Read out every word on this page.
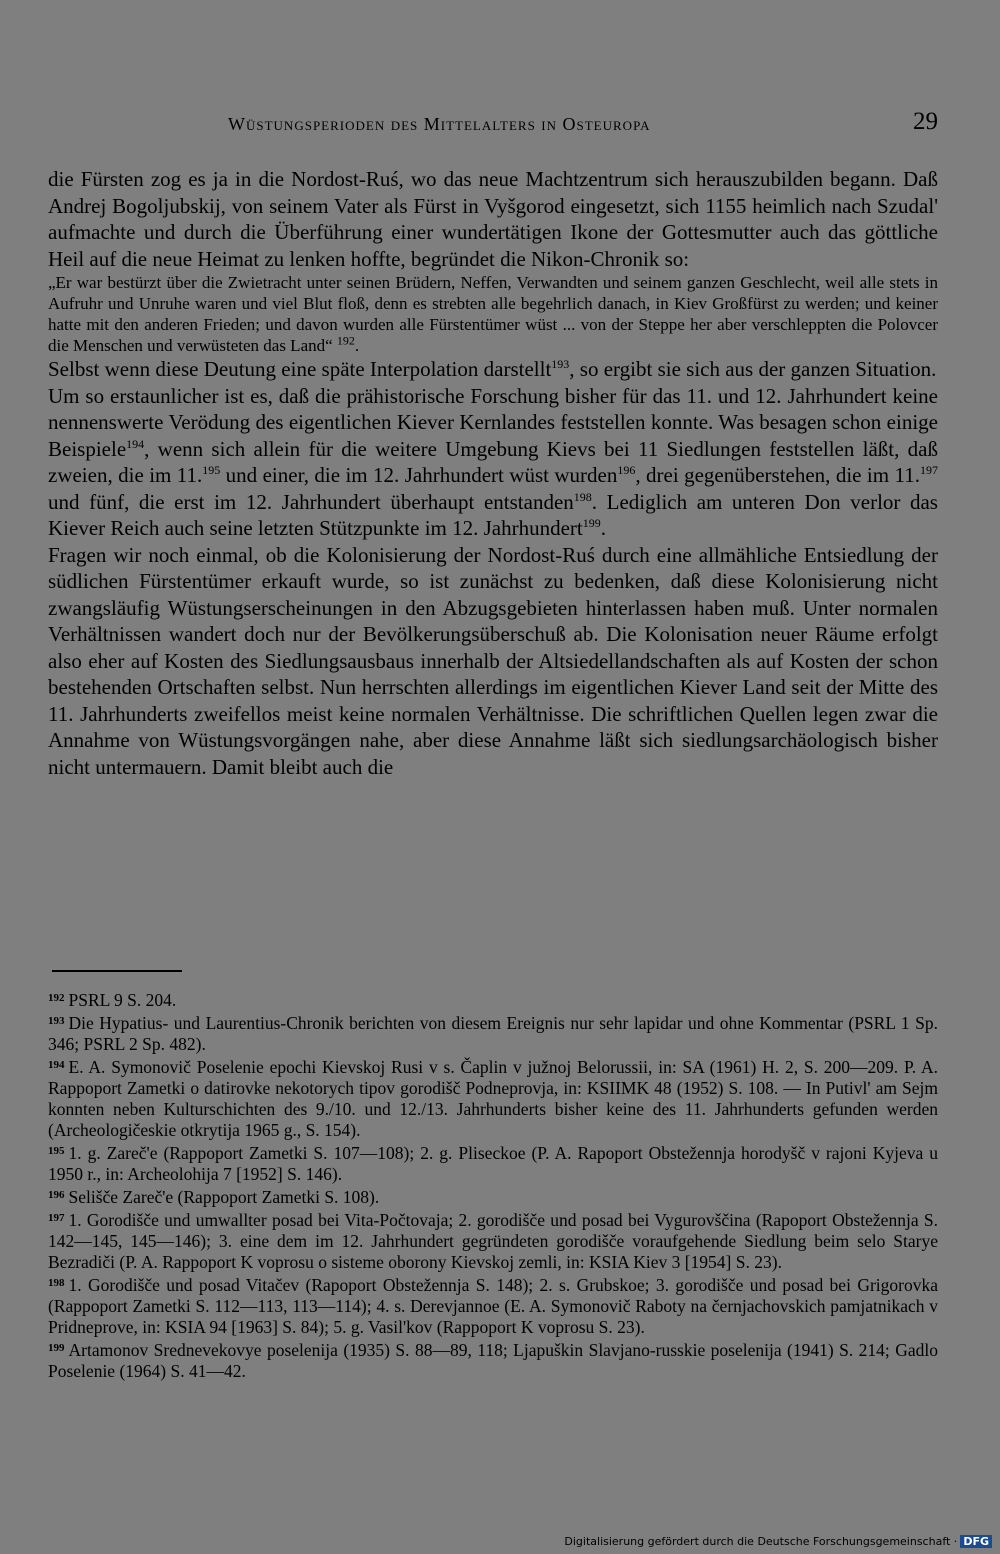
Wüstungsperioden des Mittelalters in Osteuropa	29

die Fürsten zog es ja in die Nordost-Ruś, wo das neue Machtzentrum sich herauszubilden begann. Daß Andrej Bogoljubskij, von seinem Vater als Fürst in Vyšgorod eingesetzt, sich 1155 heimlich nach Szudal' aufmachte und durch die Überführung einer wundertätigen Ikone der Gottesmutter auch das göttliche Heil auf die neue Heimat zu lenken hoffte, begründet die Nikon-Chronik so:

„Er war bestürzt über die Zwietracht unter seinen Brüdern, Neffen, Verwandten und seinem ganzen Geschlecht, weil alle stets in Aufruhr und Unruhe waren und viel Blut floß, denn es strebten alle begehrlich danach, in Kiev Großfürst zu werden; und keiner hatte mit den anderen Frieden; und davon wurden alle Fürstentümer wüst ... von der Steppe her aber verschleppten die Polovcer die Menschen und verwüsteten das Land“ $^{192}$.

Selbst wenn diese Deutung eine späte Interpolation darstellt$^{193}$, so ergibt sie sich aus der ganzen Situation.

Um so erstaunlicher ist es, daß die prähistorische Forschung bisher für das 11. und 12. Jahrhundert keine nennenswerte Verödung des eigentlichen Kiever Kernlandes feststellen konnte. Was besagen schon einige Beispiele$^{194}$, wenn sich allein für die weitere Umgebung Kievs bei 11 Siedlungen feststellen läßt, daß zweien, die im 11.$^{195}$ und einer, die im 12. Jahrhundert wüst wurden$^{196}$, drei gegenüberstehen, die im 11.$^{197}$ und fünf, die erst im 12. Jahrhundert überhaupt entstanden$^{198}$. Lediglich am unteren Don verlor das Kiever Reich auch seine letzten Stützpunkte im 12. Jahrhundert$^{199}$.

Fragen wir noch einmal, ob die Kolonisierung der Nordost-Ruś durch eine allmähliche Entsiedlung der südlichen Fürstentümer erkauft wurde, so ist zunächst zu bedenken, daß diese Kolonisierung nicht zwangsläufig Wüstungserscheinungen in den Abzugsgebieten hinterlassen haben muß. Unter normalen Verhältnissen wandert doch nur der Bevölkerungsüberschuß ab. Die Kolonisation neuer Räume erfolgt also eher auf Kosten des Siedlungsausbaus innerhalb der Altsiedellandschaften als auf Kosten der schon bestehenden Ortschaften selbst. Nun herrschten allerdings im eigentlichen Kiever Land seit der Mitte des 11. Jahrhunderts zweifellos meist keine normalen Verhältnisse. Die schriftlichen Quellen legen zwar die Annahme von Wüstungsvorgängen nahe, aber diese Annahme läßt sich siedlungsarchäologisch bisher nicht untermauern. Damit bleibt auch die

$^{192}$ PSRL 9 S. 204.

$^{193}$ Die Hypatius- und Laurentius-Chronik berichten von diesem Ereignis nur sehr lapidar und ohne Kommentar (PSRL 1 Sp. 346; PSRL 2 Sp. 482).

$^{194}$ E. A. Symonovič Poselenie epochi Kievskoj Rusi v s. Čaplin v južnoj Belorussii, in: SA (1961) H. 2, S. 200—209. P. A. Rappoport Zametki o datirovke nekotorych tipov gorodišč Podneprovja, in: KSIIMK 48 (1952) S. 108. — In Putivl' am Sejm konnten neben Kulturschichten des 9./10. und 12./13. Jahrhunderts bisher keine des 11. Jahrhunderts gefunden werden (Archeologičeskie otkrytija 1965 g., S. 154).

$^{195}$ 1. g. Zareč'e (Rappoport Zametki S. 107—108); 2. g. Pliseckoe (P. A. Rapoport Obstežennja horodyšč v rajoni Kyjeva u 1950 r., in: Archeolohija 7 [1952] S. 146).

$^{196}$ Selišče Zareč'e (Rappoport Zametki S. 108).

$^{197}$ 1. Gorodišče und umwallter posad bei Vita-Počtovaja; 2. gorodišče und posad bei Vygurovščina (Rapoport Obstežennja S. 142—145, 145—146); 3. eine dem im 12. Jahrhundert gegründeten gorodišče voraufgehende Siedlung beim selo Starye Bezradiči (P. A. Rappoport K voprosu o sisteme oborony Kievskoj zemli, in: KSIA Kiev 3 [1954] S. 23).

$^{198}$ 1. Gorodišče und posad Vitačev (Rapoport Obstežennja S. 148); 2. s. Grubskoe; 3. gorodišče und posad bei Grigorovka (Rappoport Zametki S. 112—113, 113—114); 4. s. Derevjannoe (E. A. Symonovič Raboty na černjachovskich pamjatnikach v Pridneprove, in: KSIA 94 [1963] S. 84); 5. g. Vasil'kov (Rappoport K voprosu S. 23).

$^{199}$ Artamonov Srednevekovye poselenija (1935) S. 88—89, 118; Ljapuškin Slavjano-russkie poselenija (1941) S. 214; Gadlo Poselenie (1964) S. 41—42.

Digitalisierung gefördert durch die Deutsche Forschungsgemeinschaft · DFG
